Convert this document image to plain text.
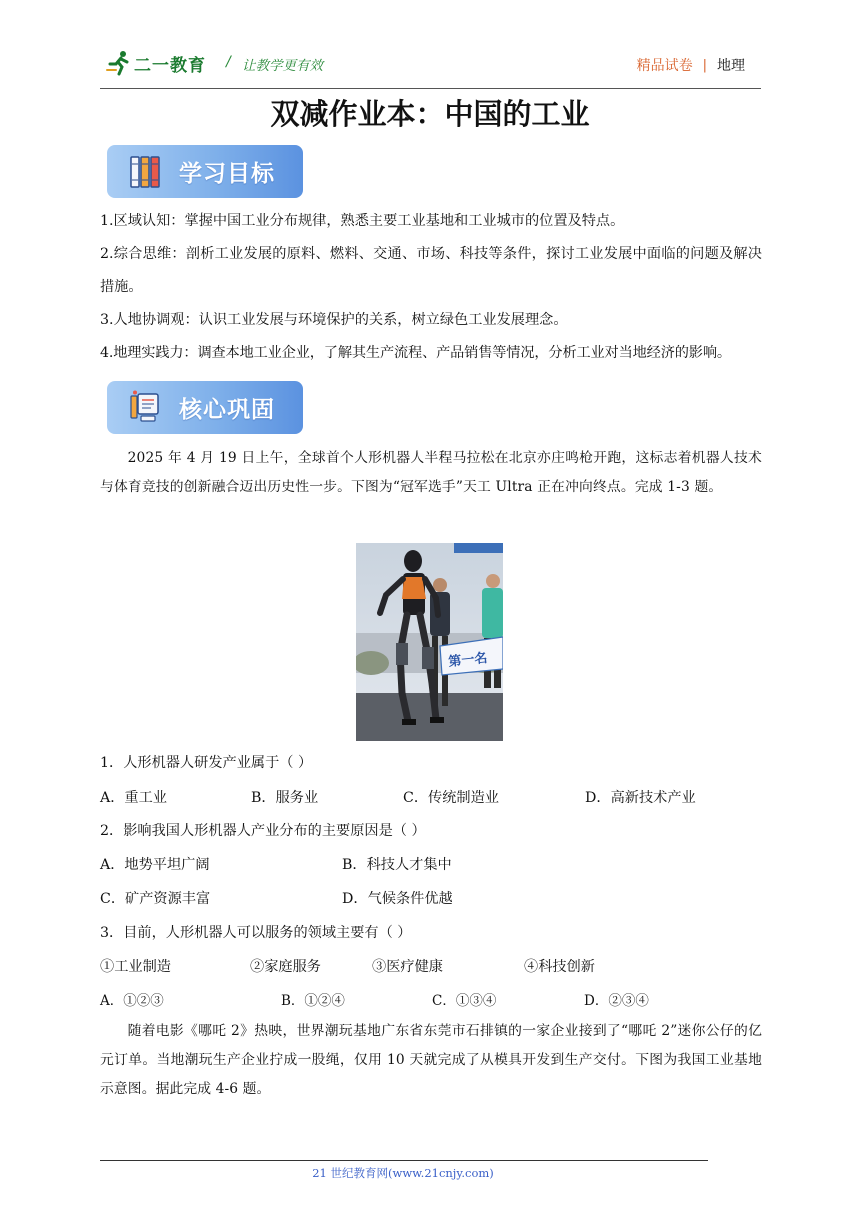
二一教育 / 让教学更有效	精品试卷 | 地理
双减作业本：中国的工业
学习目标
1.区域认知：掌握中国工业分布规律，熟悉主要工业基地和工业城市的位置及特点。
2.综合思维：剖析工业发展的原料、燃料、交通、市场、科技等条件，探讨工业发展中面临的问题及解决措施。
3.人地协调观：认识工业发展与环境保护的关系，树立绿色工业发展理念。
4.地理实践力：调查本地工业企业，了解其生产流程、产品销售等情况，分析工业对当地经济的影响。
核心巩固
2025 年 4 月 19 日上午，全球首个人形机器人半程马拉松在北京亦庄鸣枪开跑，这标志着机器人技术与体育竞技的创新融合迈出历史性一步。下图为“冠军选手”天工 Ultra 正在冲向终点。完成 1-3 题。
第一名
1．人形机器人研发产业属于（ ）
A．重工业	B．服务业	C．传统制造业	D．高新技术产业
2．影响我国人形机器人产业分布的主要原因是（ ）
A．地势平坦广阔	B．科技人才集中
C．矿产资源丰富	D．气候条件优越
3．目前，人形机器人可以服务的领域主要有（ ）
①工业制造	②家庭服务	③医疗健康	④科技创新
A．①②③	B．①②④	C．①③④	D．②③④
随着电影《哪吒 2》热映，世界潮玩基地广东省东莞市石排镇的一家企业接到了“哪吒 2”迷你公仔的亿元订单。当地潮玩生产企业拧成一股绳，仅用 10 天就完成了从模具开发到生产交付。下图为我国工业基地示意图。据此完成 4-6 题。
21 世纪教育网(www.21cnjy.com)
